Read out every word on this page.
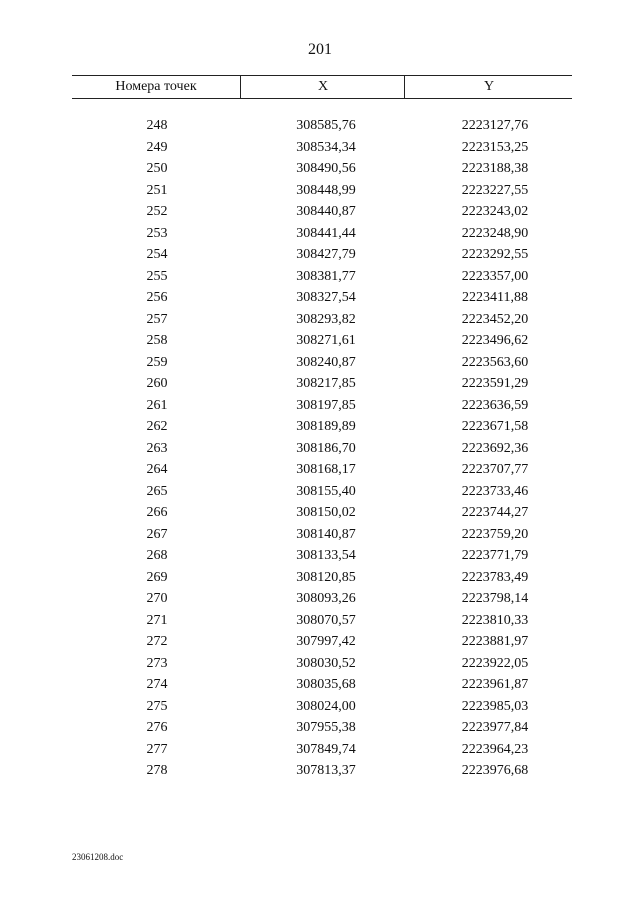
201
Номера точек	X	Y
248	308585,76	2223127,76
249	308534,34	2223153,25
250	308490,56	2223188,38
251	308448,99	2223227,55
252	308440,87	2223243,02
253	308441,44	2223248,90
254	308427,79	2223292,55
255	308381,77	2223357,00
256	308327,54	2223411,88
257	308293,82	2223452,20
258	308271,61	2223496,62
259	308240,87	2223563,60
260	308217,85	2223591,29
261	308197,85	2223636,59
262	308189,89	2223671,58
263	308186,70	2223692,36
264	308168,17	2223707,77
265	308155,40	2223733,46
266	308150,02	2223744,27
267	308140,87	2223759,20
268	308133,54	2223771,79
269	308120,85	2223783,49
270	308093,26	2223798,14
271	308070,57	2223810,33
272	307997,42	2223881,97
273	308030,52	2223922,05
274	308035,68	2223961,87
275	308024,00	2223985,03
276	307955,38	2223977,84
277	307849,74	2223964,23
278	307813,37	2223976,68
23061208.doc
